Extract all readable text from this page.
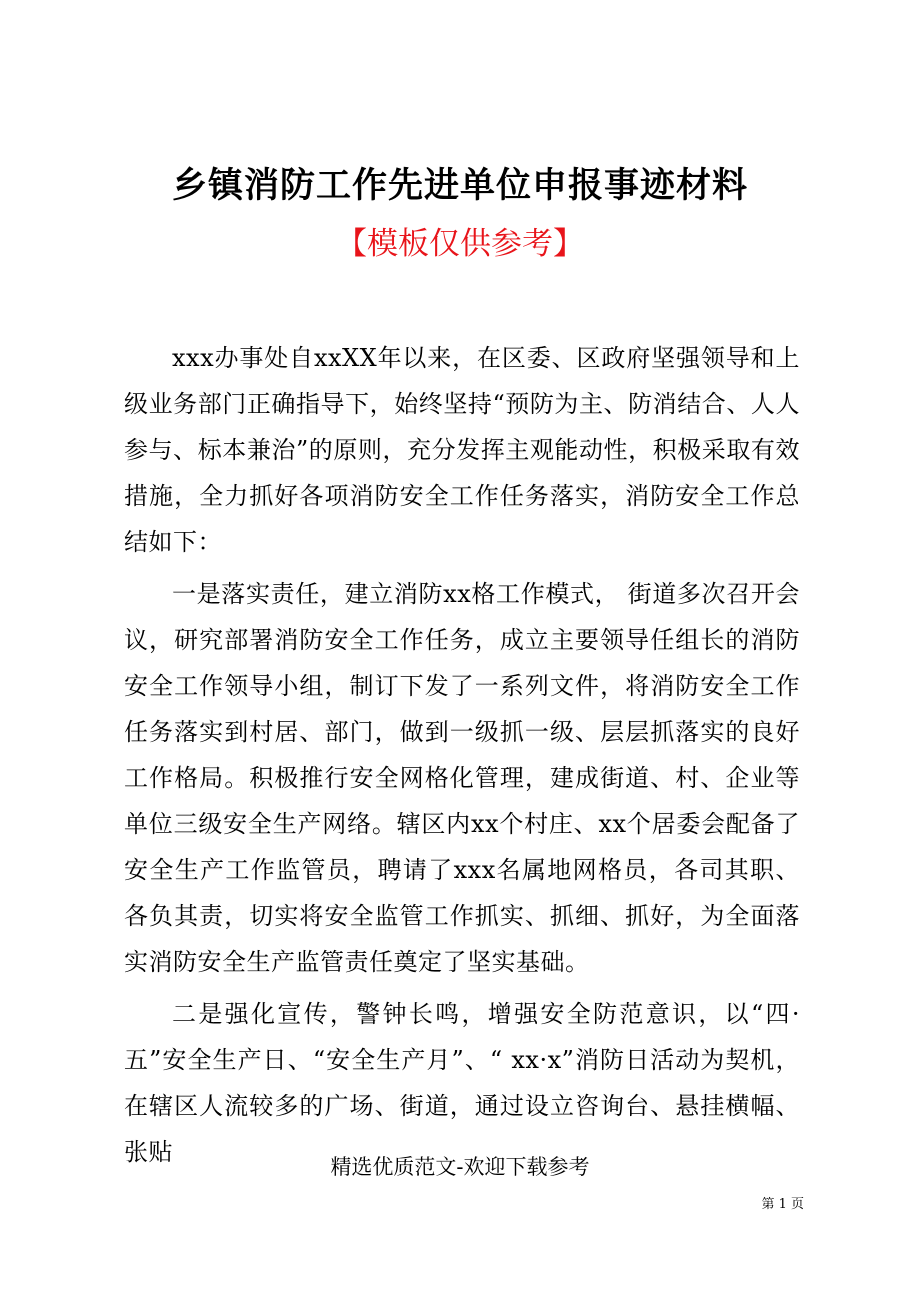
乡镇消防工作先进单位申报事迹材料
【模板仅供参考】

xxx办事处自xxXX年以来，在区委、区政府坚强领导和上级业务部门正确指导下，始终坚持“预防为主、防消结合、人人参与、标本兼治”的原则，充分发挥主观能动性，积极采取有效措施，全力抓好各项消防安全工作任务落实，消防安全工作总结如下：

一是落实责任，建立消防xx格工作模式， 街道多次召开会议，研究部署消防安全工作任务，成立主要领导任组长的消防安全工作领导小组，制订下发了一系列文件，将消防安全工作任务落实到村居、部门，做到一级抓一级、层层抓落实的良好工作格局。积极推行安全网格化管理，建成街道、村、企业等单位三级安全生产网络。辖区内xx个村庄、xx个居委会配备了安全生产工作监管员，聘请了xxx名属地网格员，各司其职、各负其责，切实将安全监管工作抓实、抓细、抓好，为全面落实消防安全生产监管责任奠定了坚实基础。

二是强化宣传，警钟长鸣，增强安全防范意识，以“四·五”安全生产日、“安全生产月”、“ xx·x”消防日活动为契机，在辖区人流较多的广场、街道，通过设立咨询台、悬挂横幅、张贴

精选优质范文-欢迎下载参考
第 1 页
